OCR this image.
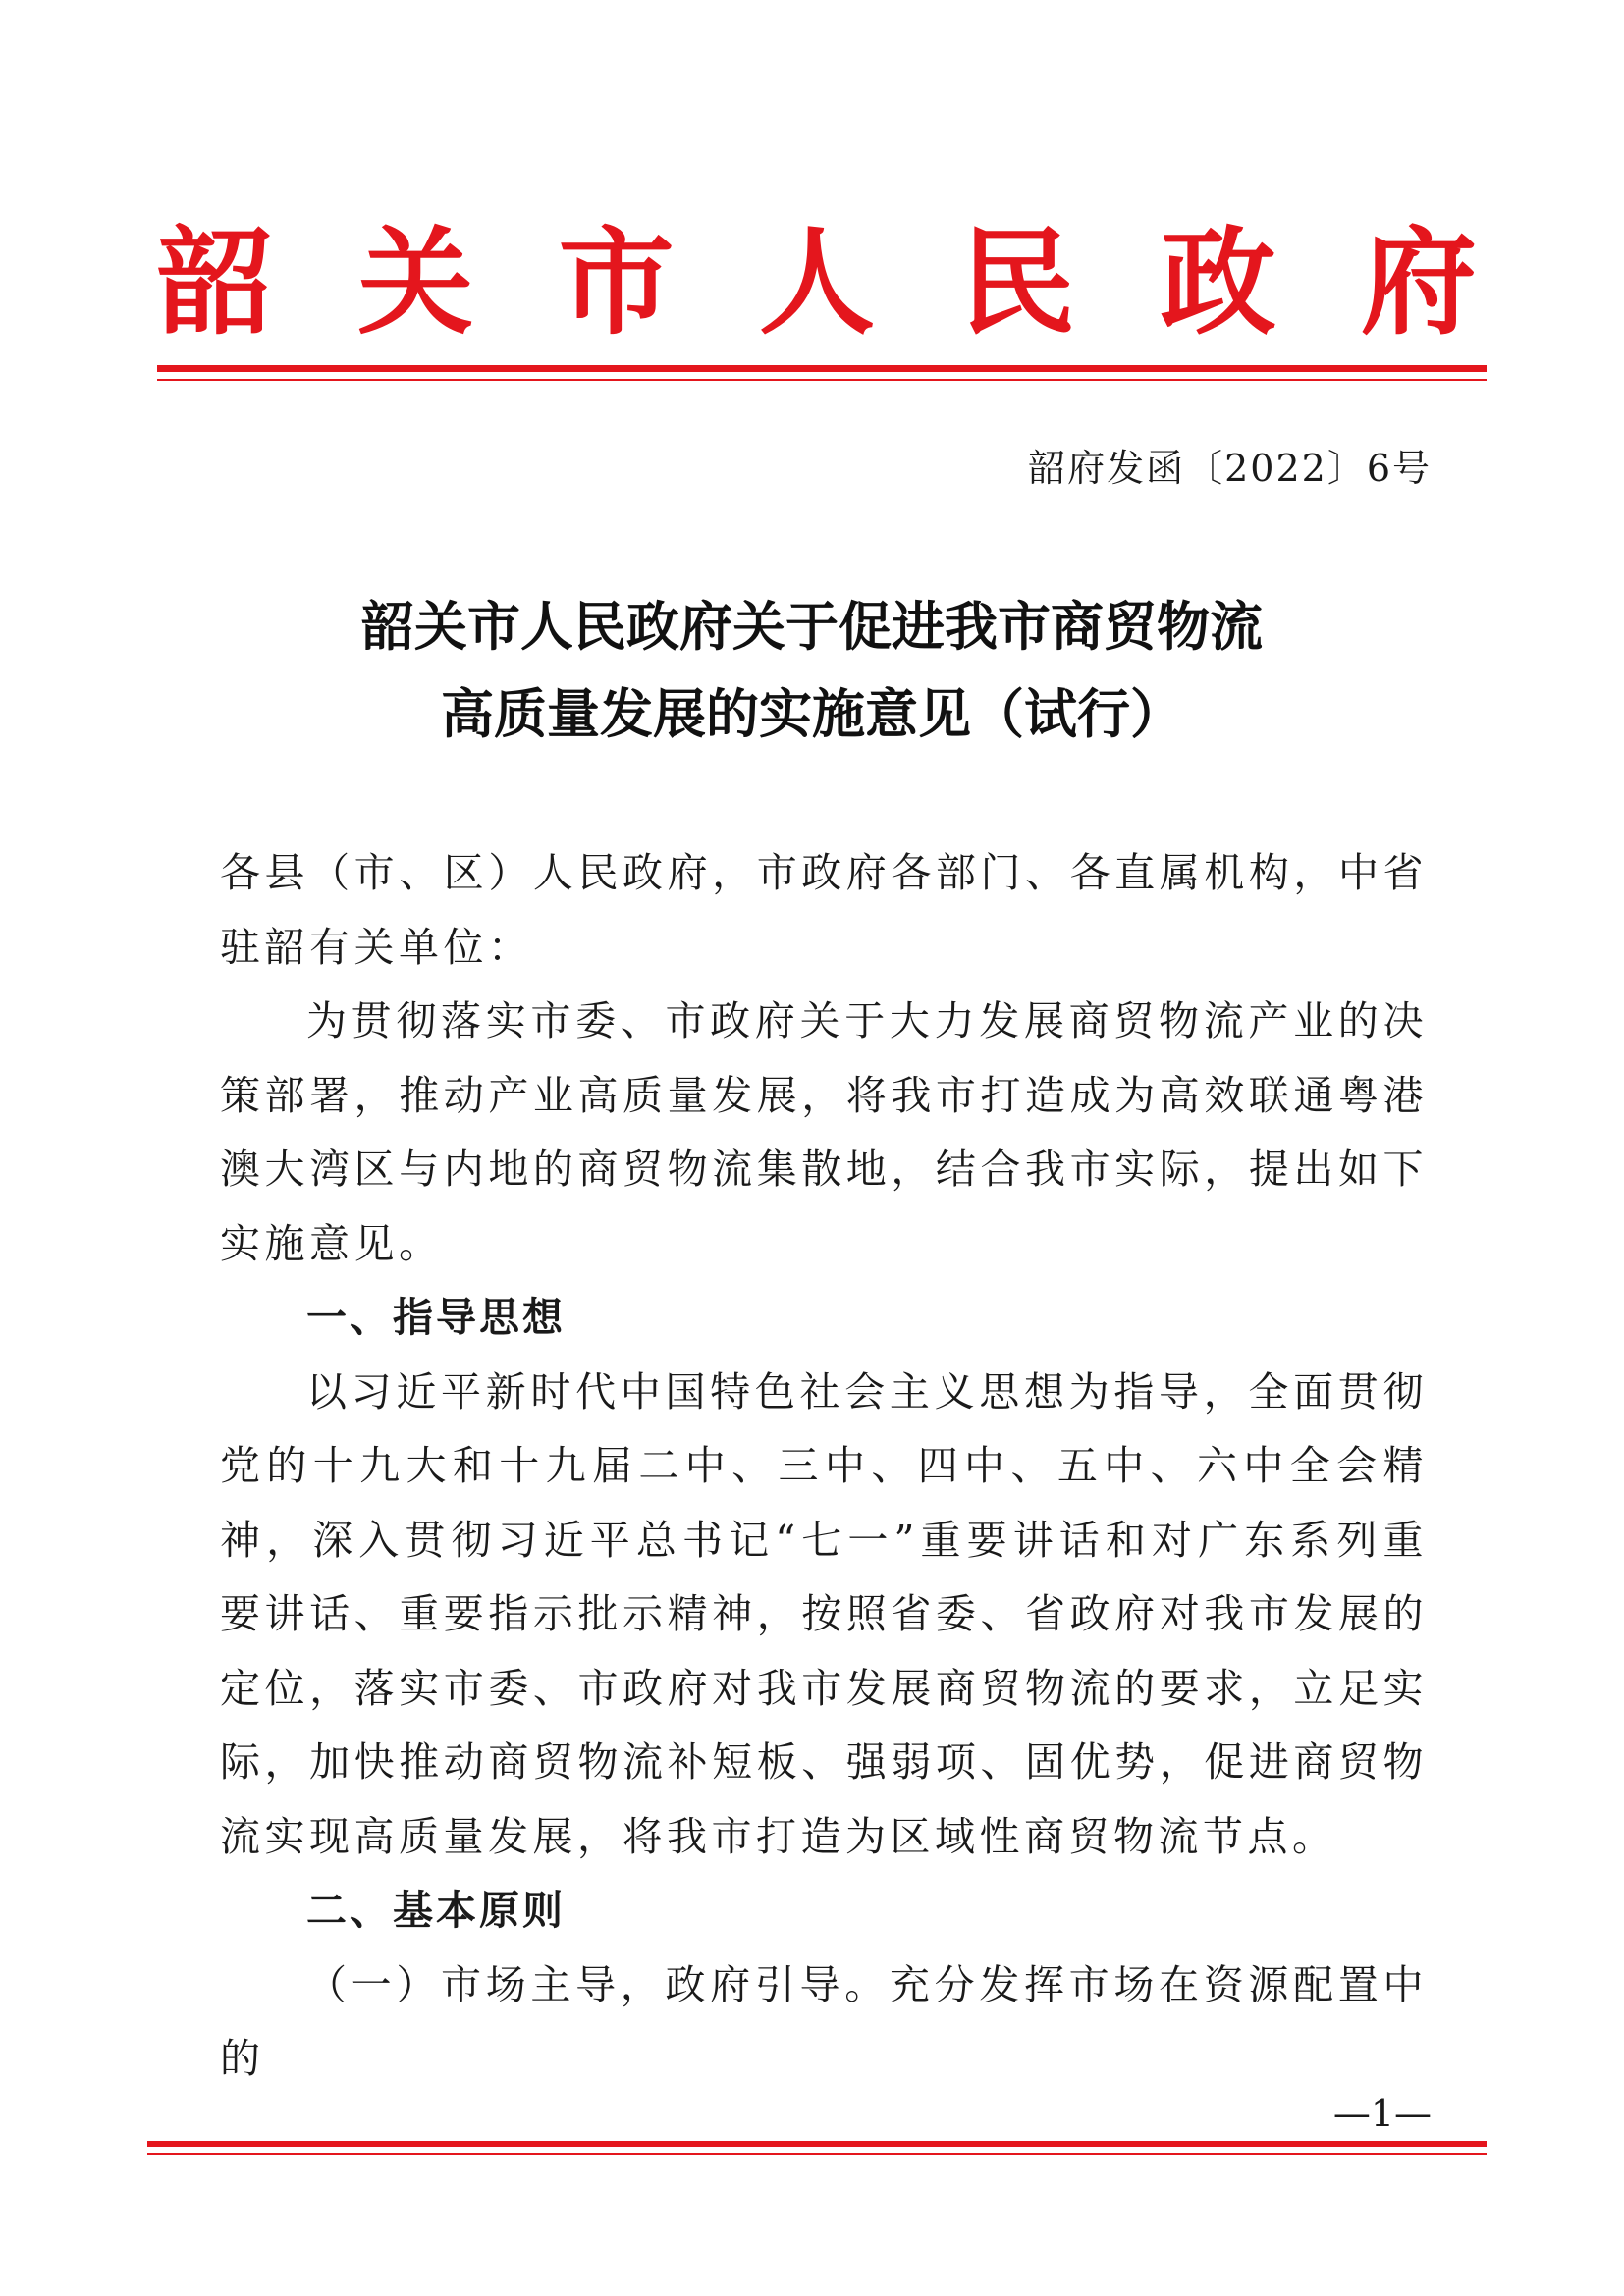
韶 关 市 人 民 政 府
韶府发函〔2022〕6号
韶关市人民政府关于促进我市商贸物流
高质量发展的实施意见（试行）

各县（市、区）人民政府，市政府各部门、各直属机构，中省驻韶有关单位：

为贯彻落实市委、市政府关于大力发展商贸物流产业的决策部署，推动产业高质量发展，将我市打造成为高效联通粤港澳大湾区与内地的商贸物流集散地，结合我市实际，提出如下实施意见。

一、指导思想

以习近平新时代中国特色社会主义思想为指导，全面贯彻党的十九大和十九届二中、三中、四中、五中、六中全会精神，深入贯彻习近平总书记“七一”重要讲话和对广东系列重要讲话、重要指示批示精神，按照省委、省政府对我市发展的定位，落实市委、市政府对我市发展商贸物流的要求，立足实际，加快推动商贸物流补短板、强弱项、固优势，促进商贸物流实现高质量发展，将我市打造为区域性商贸物流节点。

二、基本原则

（一）市场主导，政府引导。充分发挥市场在资源配置中的

—1—
